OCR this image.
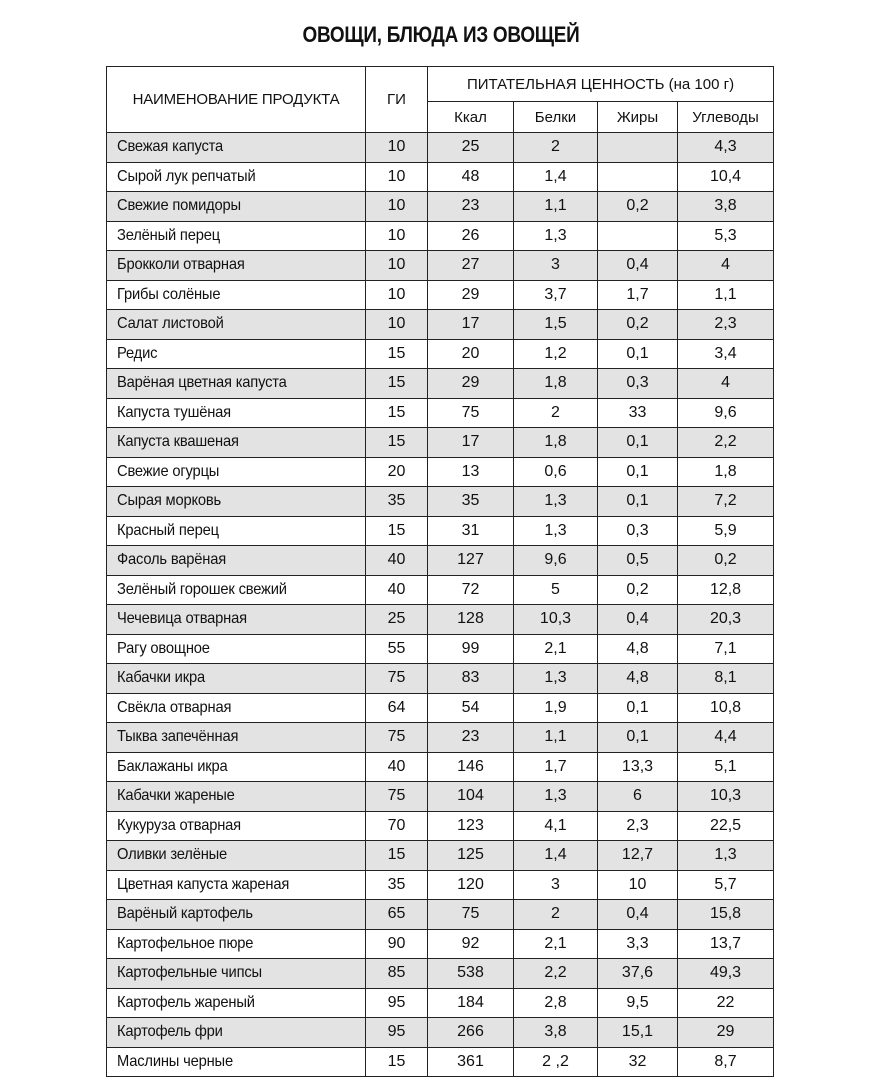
ОВОЩИ, БЛЮДА ИЗ ОВОЩЕЙ
НАИМЕНОВАНИЕ ПРОДУКТА	ГИ	ПИТАТЕЛЬНАЯ ЦЕННОСТЬ (на 100 г)			
		Ккал	Белки	Жиры	Углеводы
Свежая капуста	10	25	2		4,3
Сырой лук репчатый	10	48	1,4		10,4
Свежие помидоры	10	23	1,1	0,2	3,8
Зелёный перец	10	26	1,3		5,3
Брокколи отварная	10	27	3	0,4	4
Грибы солёные	10	29	3,7	1,7	1,1
Салат листовой	10	17	1,5	0,2	2,3
Редис	15	20	1,2	0,1	3,4
Варёная цветная капуста	15	29	1,8	0,3	4
Капуста тушёная	15	75	2	33	9,6
Капуста квашеная	15	17	1,8	0,1	2,2
Свежие огурцы	20	13	0,6	0,1	1,8
Сырая морковь	35	35	1,3	0,1	7,2
Красный перец	15	31	1,3	0,3	5,9
Фасоль варёная	40	127	9,6	0,5	0,2
Зелёный горошек свежий	40	72	5	0,2	12,8
Чечевица отварная	25	128	10,3	0,4	20,3
Рагу овощное	55	99	2,1	4,8	7,1
Кабачки икра	75	83	1,3	4,8	8,1
Свёкла отварная	64	54	1,9	0,1	10,8
Тыква запечённая	75	23	1,1	0,1	4,4
Баклажаны икра	40	146	1,7	13,3	5,1
Кабачки жареные	75	104	1,3	6	10,3
Кукуруза отварная	70	123	4,1	2,3	22,5
Оливки зелёные	15	125	1,4	12,7	1,3
Цветная капуста жареная	35	120	3	10	5,7
Варёный картофель	65	75	2	0,4	15,8
Картофельное пюре	90	92	2,1	3,3	13,7
Картофельные чипсы	85	538	2,2	37,6	49,3
Картофель жареный	95	184	2,8	9,5	22
Картофель фри	95	266	3,8	15,1	29
Маслины черные	15	361	2 ,2	32	8,7
